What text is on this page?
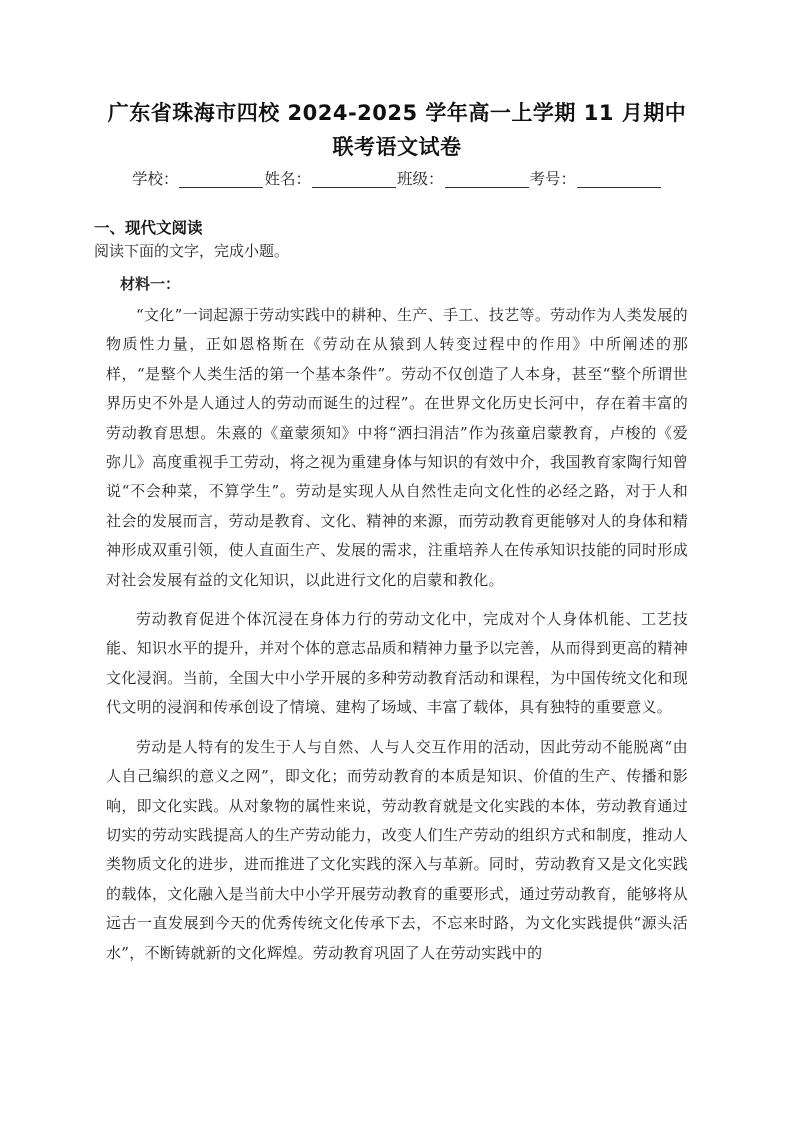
广东省珠海市四校 2024-2025 学年高一上学期 11 月期中联考语文试卷
学校：	姓名：	班级：	考号：
一、现代文阅读
阅读下面的文字，完成小题。
材料一：

“文化”一词起源于劳动实践中的耕种、生产、手工、技艺等。劳动作为人类发展的物质性力量，正如恩格斯在《劳动在从猿到人转变过程中的作用》中所阐述的那样，“是整个人类生活的第一个基本条件”。劳动不仅创造了人本身，甚至“整个所谓世界历史不外是人通过人的劳动而诞生的过程”。在世界文化历史长河中，存在着丰富的劳动教育思想。朱熹的《童蒙须知》中将“洒扫涓洁”作为孩童启蒙教育，卢梭的《爱弥儿》高度重视手工劳动，将之视为重建身体与知识的有效中介，我国教育家陶行知曾说“不会种菜，不算学生”。劳动是实现人从自然性走向文化性的必经之路，对于人和社会的发展而言，劳动是教育、文化、精神的来源，而劳动教育更能够对人的身体和精神形成双重引领，使人直面生产、发展的需求，注重培养人在传承知识技能的同时形成对社会发展有益的文化知识，以此进行文化的启蒙和教化。

劳动教育促进个体沉浸在身体力行的劳动文化中，完成对个人身体机能、工艺技能、知识水平的提升，并对个体的意志品质和精神力量予以完善，从而得到更高的精神文化浸润。当前，全国大中小学开展的多种劳动教育活动和课程，为中国传统文化和现代文明的浸润和传承创设了情境、建构了场域、丰富了载体，具有独特的重要意义。

劳动是人特有的发生于人与自然、人与人交互作用的活动，因此劳动不能脱离“由人自己编织的意义之网”，即文化；而劳动教育的本质是知识、价值的生产、传播和影响，即文化实践。从对象物的属性来说，劳动教育就是文化实践的本体，劳动教育通过切实的劳动实践提高人的生产劳动能力，改变人们生产劳动的组织方式和制度，推动人类物质文化的进步，进而推进了文化实践的深入与革新。同时，劳动教育又是文化实践的载体，文化融入是当前大中小学开展劳动教育的重要形式，通过劳动教育，能够将从远古一直发展到今天的优秀传统文化传承下去，不忘来时路，为文化实践提供“源头活水”，不断铸就新的文化辉煌。劳动教育巩固了人在劳动实践中的
